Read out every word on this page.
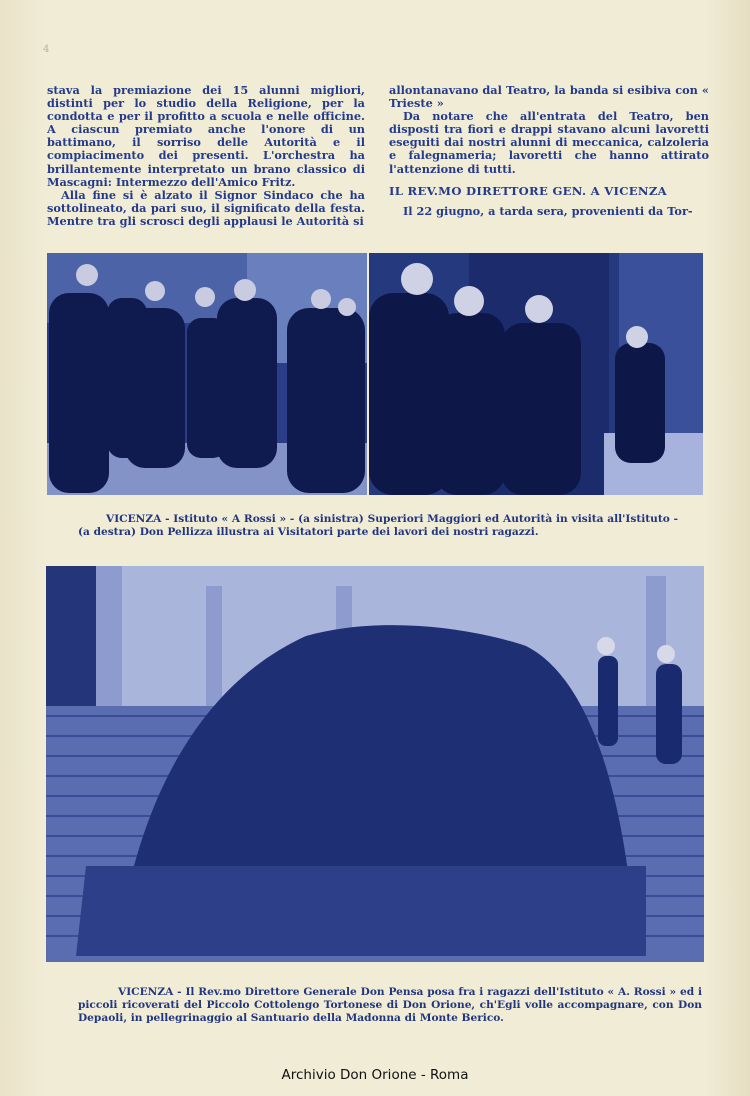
4

stava la premiazione dei 15 alunni migliori, distinti per lo studio della Religione, per la condotta e per il profitto a scuola e nelle officine. A ciascun premiato anche l'onore di un battimano, il sorriso delle Autorità e il compiacimento dei presenti. L'orchestra ha brillantemente interpretato un brano classico di Mascagni: Intermezzo dell'Amico Fritz.

Alla fine si è alzato il Signor Sindaco che ha sottolineato, da pari suo, il significato della festa. Mentre tra gli scrosci degli applausi le Autorità si

allontanavano dal Teatro, la banda si esibiva con « Trieste »

Da notare che all'entrata del Teatro, ben disposti tra fiori e drappi stavano alcuni lavoretti eseguiti dai nostri alunni di meccanica, calzoleria e falegnameria; lavoretti che hanno attirato l'attenzione di tutti.

IL REV.MO DIRETTORE GEN. A VICENZA

Il 22 giugno, a tarda sera, provenienti da Tor-

VICENZA - Istituto « A Rossi » - (a sinistra) Superiori Maggiori ed Autorità in visita all'Istituto - (a destra) Don Pellizza illustra ai Visitatori parte dei lavori dei nostri ragazzi.
VICENZA - Il Rev.mo Direttore Generale Don Pensa posa fra i ragazzi dell'Istituto « A. Rossi » ed i piccoli ricoverati del Piccolo Cottolengo Tortonese di Don Orione, ch'Egli volle accompagnare, con Don Depaoli, in pellegrinaggio al Santuario della Madonna di Monte Berico.
Archivio Don Orione - Roma
